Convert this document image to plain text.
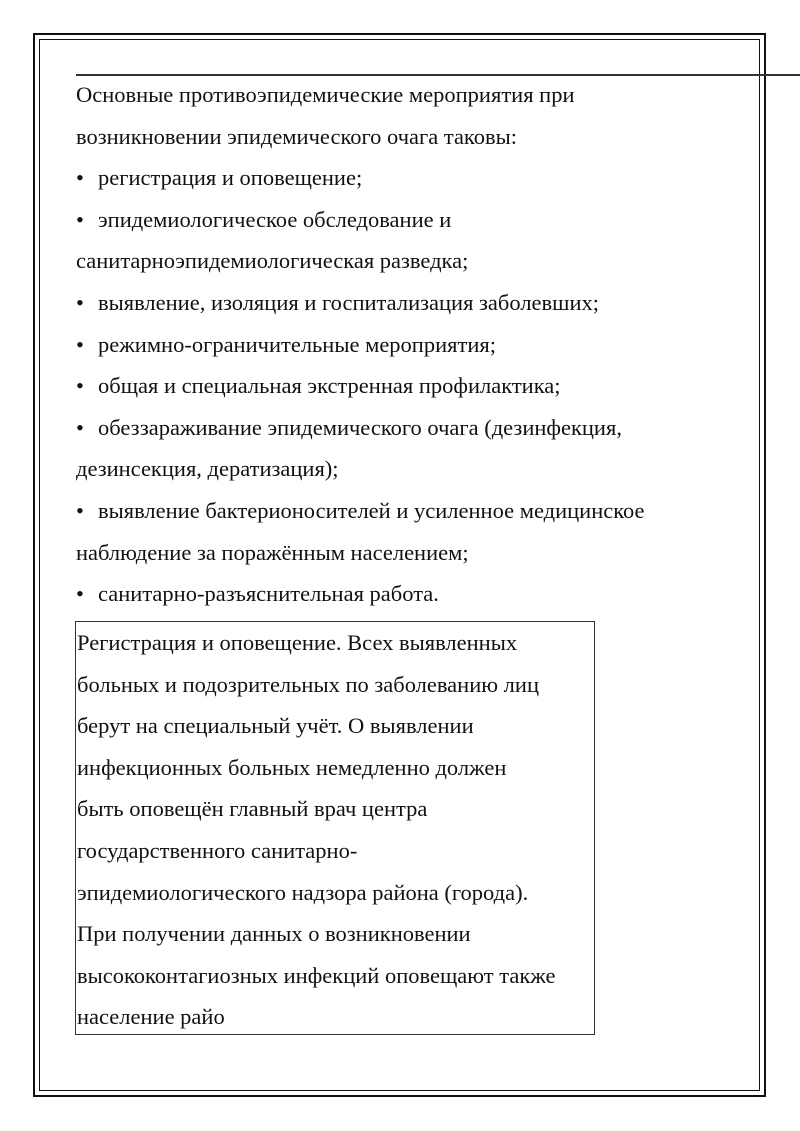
Основные противоэпидемические мероприятия при

возникновении эпидемического очага таковы:

• регистрация и оповещение;
• эпидемиологическое обследование и
санитарноэпидемиологическая разведка;
• выявление, изоляция и госпитализация заболевших;
• режимно-ограничительные мероприятия;
• общая и специальная экстренная профилактика;
• обеззараживание эпидемического очага (дезинфекция,
дезинсекция, дератизация);
• выявление бактерионосителей и усиленное медицинское
наблюдение за поражённым населением;
• санитарно-разъяснительная работа.
Регистрация и оповещение. Всех выявленных
больных и подозрительных по заболеванию лиц
берут на специальный учёт. О выявлении
инфекционных больных немедленно должен
быть оповещён главный врач центра
государственного санитарно-
эпидемиологического надзора района (города).
При получении данных о возникновении
высококонтагиозных инфекций оповещают также
население райо
